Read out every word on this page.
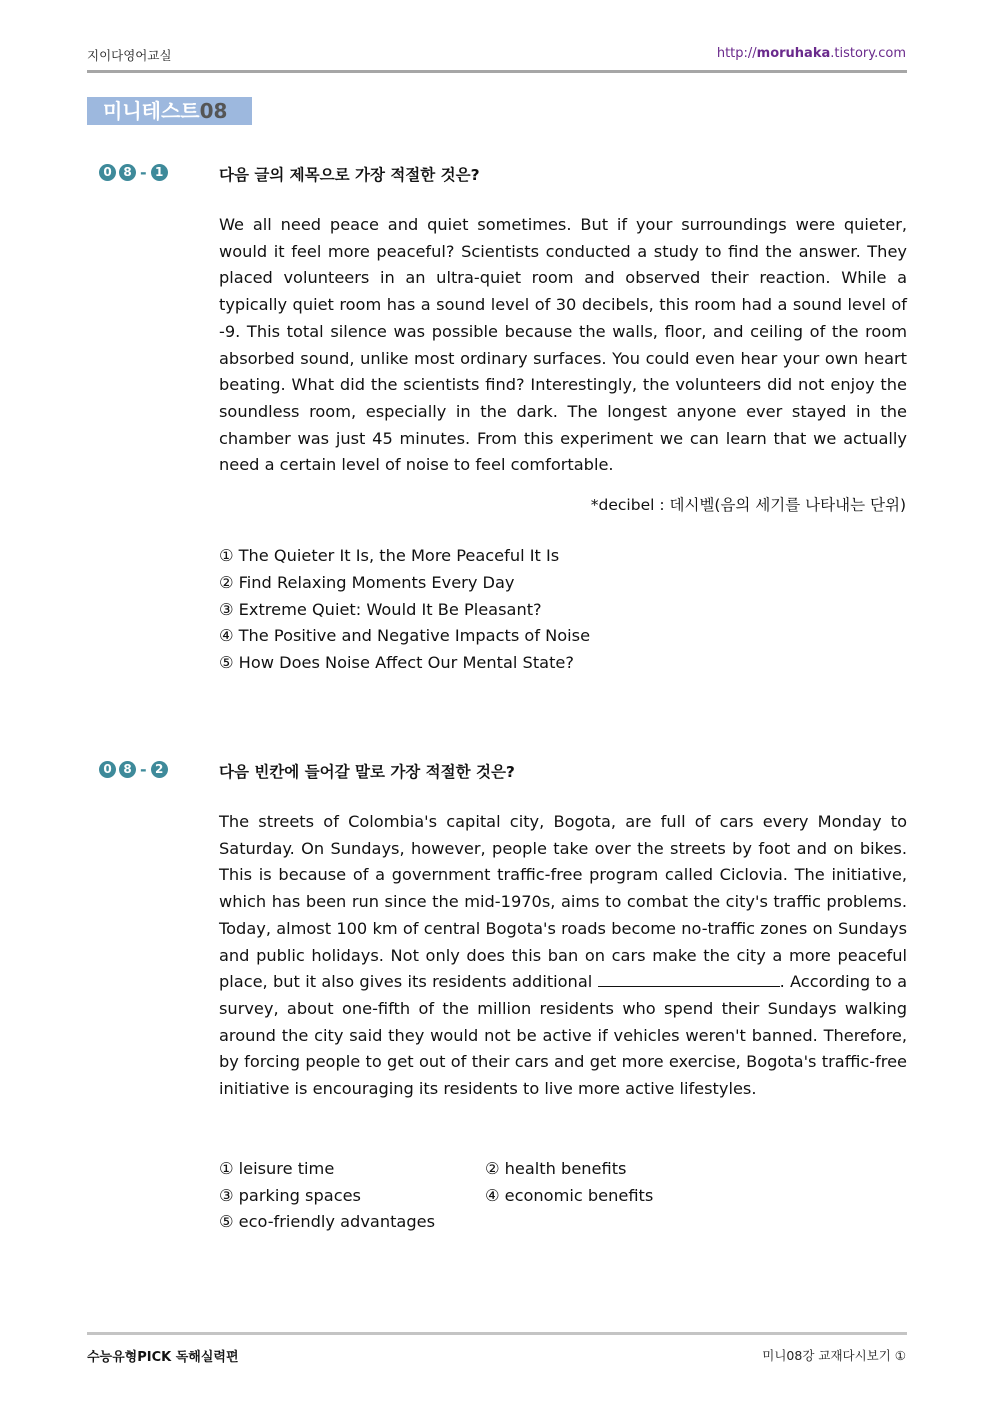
지이다영어교실	http://moruhaka.tistory.com
미니테스트08
0 8 - 1	다음 글의 제목으로 가장 적절한 것은?
We all need peace and quiet sometimes. But if your surroundings were quieter, would it feel more peaceful? Scientists conducted a study to find the answer. They placed volunteers in an ultra-quiet room and observed their reaction. While a typically quiet room has a sound level of 30 decibels, this room had a sound level of -9. This total silence was possible because the walls, floor, and ceiling of the room absorbed sound, unlike most ordinary surfaces. You could even hear your own heart beating. What did the scientists find? Interestingly, the volunteers did not enjoy the soundless room, especially in the dark. The longest anyone ever stayed in the chamber was just 45 minutes. From this experiment we can learn that we actually need a certain level of noise to feel comfortable.
*decibel : 데시벨(음의 세기를 나타내는 단위)
① The Quieter It Is, the More Peaceful It Is
② Find Relaxing Moments Every Day
③ Extreme Quiet: Would It Be Pleasant?
④ The Positive and Negative Impacts of Noise
⑤ How Does Noise Affect Our Mental State?
0 8 - 2	다음 빈칸에 들어갈 말로 가장 적절한 것은?
The streets of Colombia's capital city, Bogota, are full of cars every Monday to Saturday. On Sundays, however, people take over the streets by foot and on bikes. This is because of a government traffic-free program called Ciclovia. The initiative, which has been run since the mid-1970s, aims to combat the city's traffic problems. Today, almost 100 km of central Bogota's roads become no-traffic zones on Sundays and public holidays. Not only does this ban on cars make the city a more peaceful place, but it also gives its residents additional	. According to a survey, about one-fifth of the million residents who spend their Sundays walking around the city said they would not be active if vehicles weren't banned. Therefore, by forcing people to get out of their cars and get more exercise, Bogota's traffic-free initiative is encouraging its residents to live more active lifestyles.
① leisure time	② health benefits
③ parking spaces	④ economic benefits
⑤ eco-friendly advantages
수능유형PICK 독해실력편	미니08강 교재다시보기 ①
